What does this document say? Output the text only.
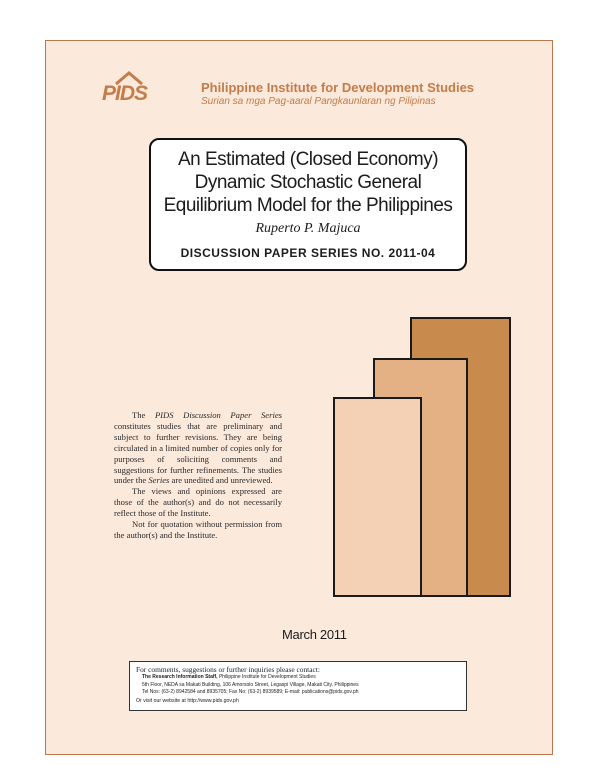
PIDS	Philippine Institute for Development Studies
Surian sa mga Pag-aaral Pangkaunlaran ng Pilipinas
An Estimated (Closed Economy)
Dynamic Stochastic General
Equilibrium Model for the Philippines
Ruperto P. Majuca
DISCUSSION PAPER SERIES NO. 2011-04

The PIDS Discussion Paper Series constitutes studies that are preliminary and subject to further revisions. They are being circulated in a limited number of copies only for purposes of soliciting comments and suggestions for further refinements. The studies under the Series are unedited and unreviewed.

The views and opinions expressed are those of the author(s) and do not necessarily reflect those of the Institute.

Not for quotation without permission from the author(s) and the Institute.

March 2011
For comments, suggestions or further inquiries please contact:
The Research Information Staff, Philippine Institute for Development Studies
5th Floor, NEDA sa Makati Building, 106 Amorsolo Street, Legaspi Village, Makati City, Philippines
Tel Nos: (63-2) 8942584 and 8935705; Fax No: (63-2) 8939589; E-mail: publications@pids.gov.ph
Or visit our website at http://www.pids.gov.ph
